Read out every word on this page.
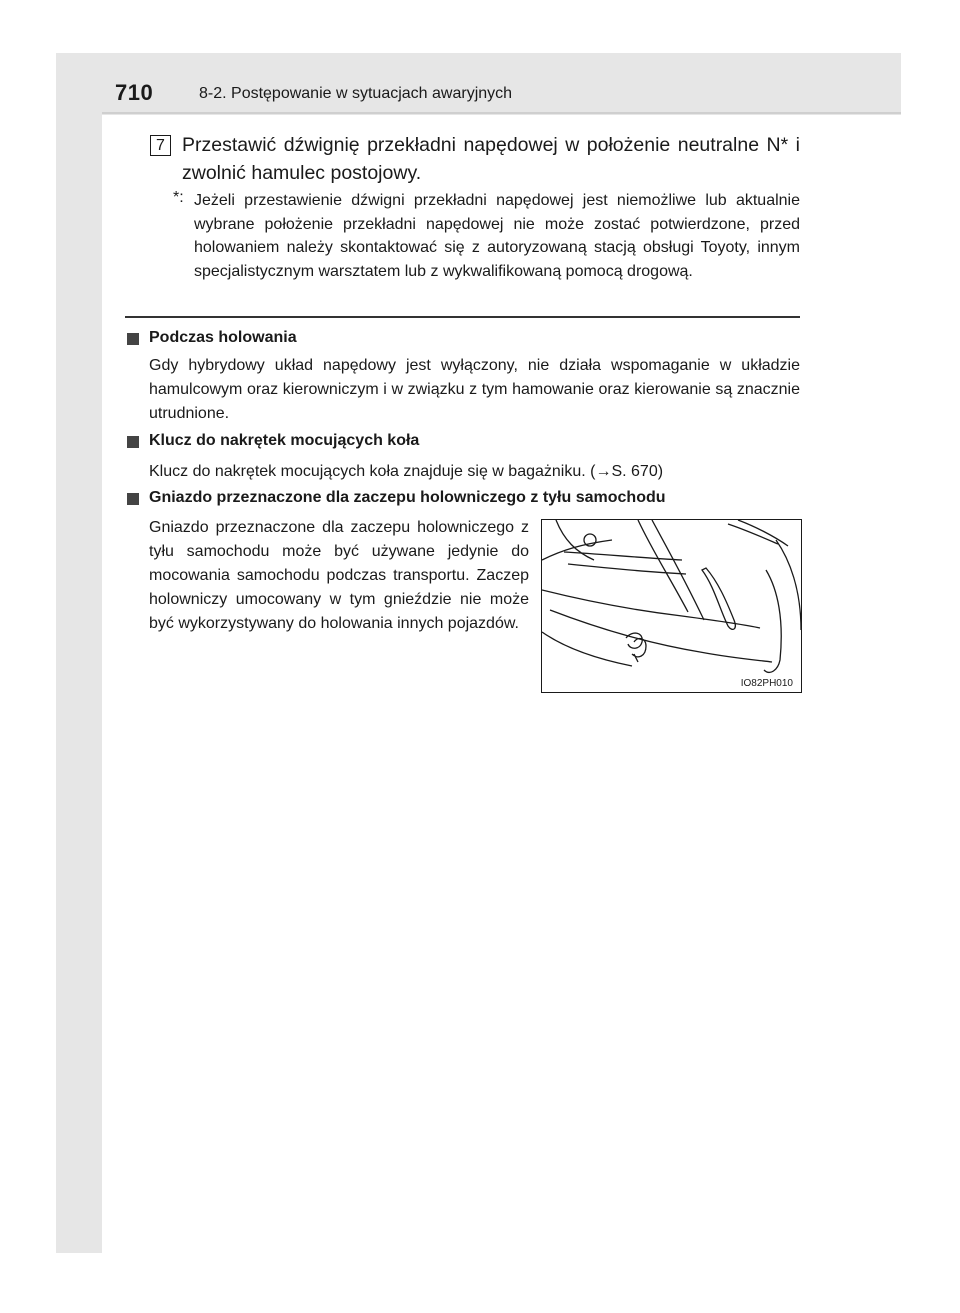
710	8-2. Postępowanie w sytuacjach awaryjnych
7 Przestawić dźwignię przekładni napędowej w położenie neutralne N* i zwolnić hamulec postojowy.
*: Jeżeli przestawienie dźwigni przekładni napędowej jest niemożliwe lub aktualnie wybrane położenie przekładni napędowej nie może zostać potwierdzone, przed holowaniem należy skontaktować się z autoryzowaną stacją obsługi Toyoty, innym specjalistycznym warsztatem lub z wykwalifikowaną pomocą drogową.
Podczas holowania
Gdy hybrydowy układ napędowy jest wyłączony, nie działa wspomaganie w układzie hamulcowym oraz kierowniczym i w związku z tym hamowanie oraz kierowanie są znacznie utrudnione.
Klucz do nakrętek mocujących koła
Klucz do nakrętek mocujących koła znajduje się w bagażniku. (→S. 670)
Gniazdo przeznaczone dla zaczepu holowniczego z tyłu samochodu
Gniazdo przeznaczone dla zaczepu holowniczego z tyłu samochodu może być używane jedynie do mocowania samochodu podczas transportu. Zaczep holowniczy umocowany w tym gnieździe nie może być wykorzystywany do holowania innych pojazdów.
IO82PH010
